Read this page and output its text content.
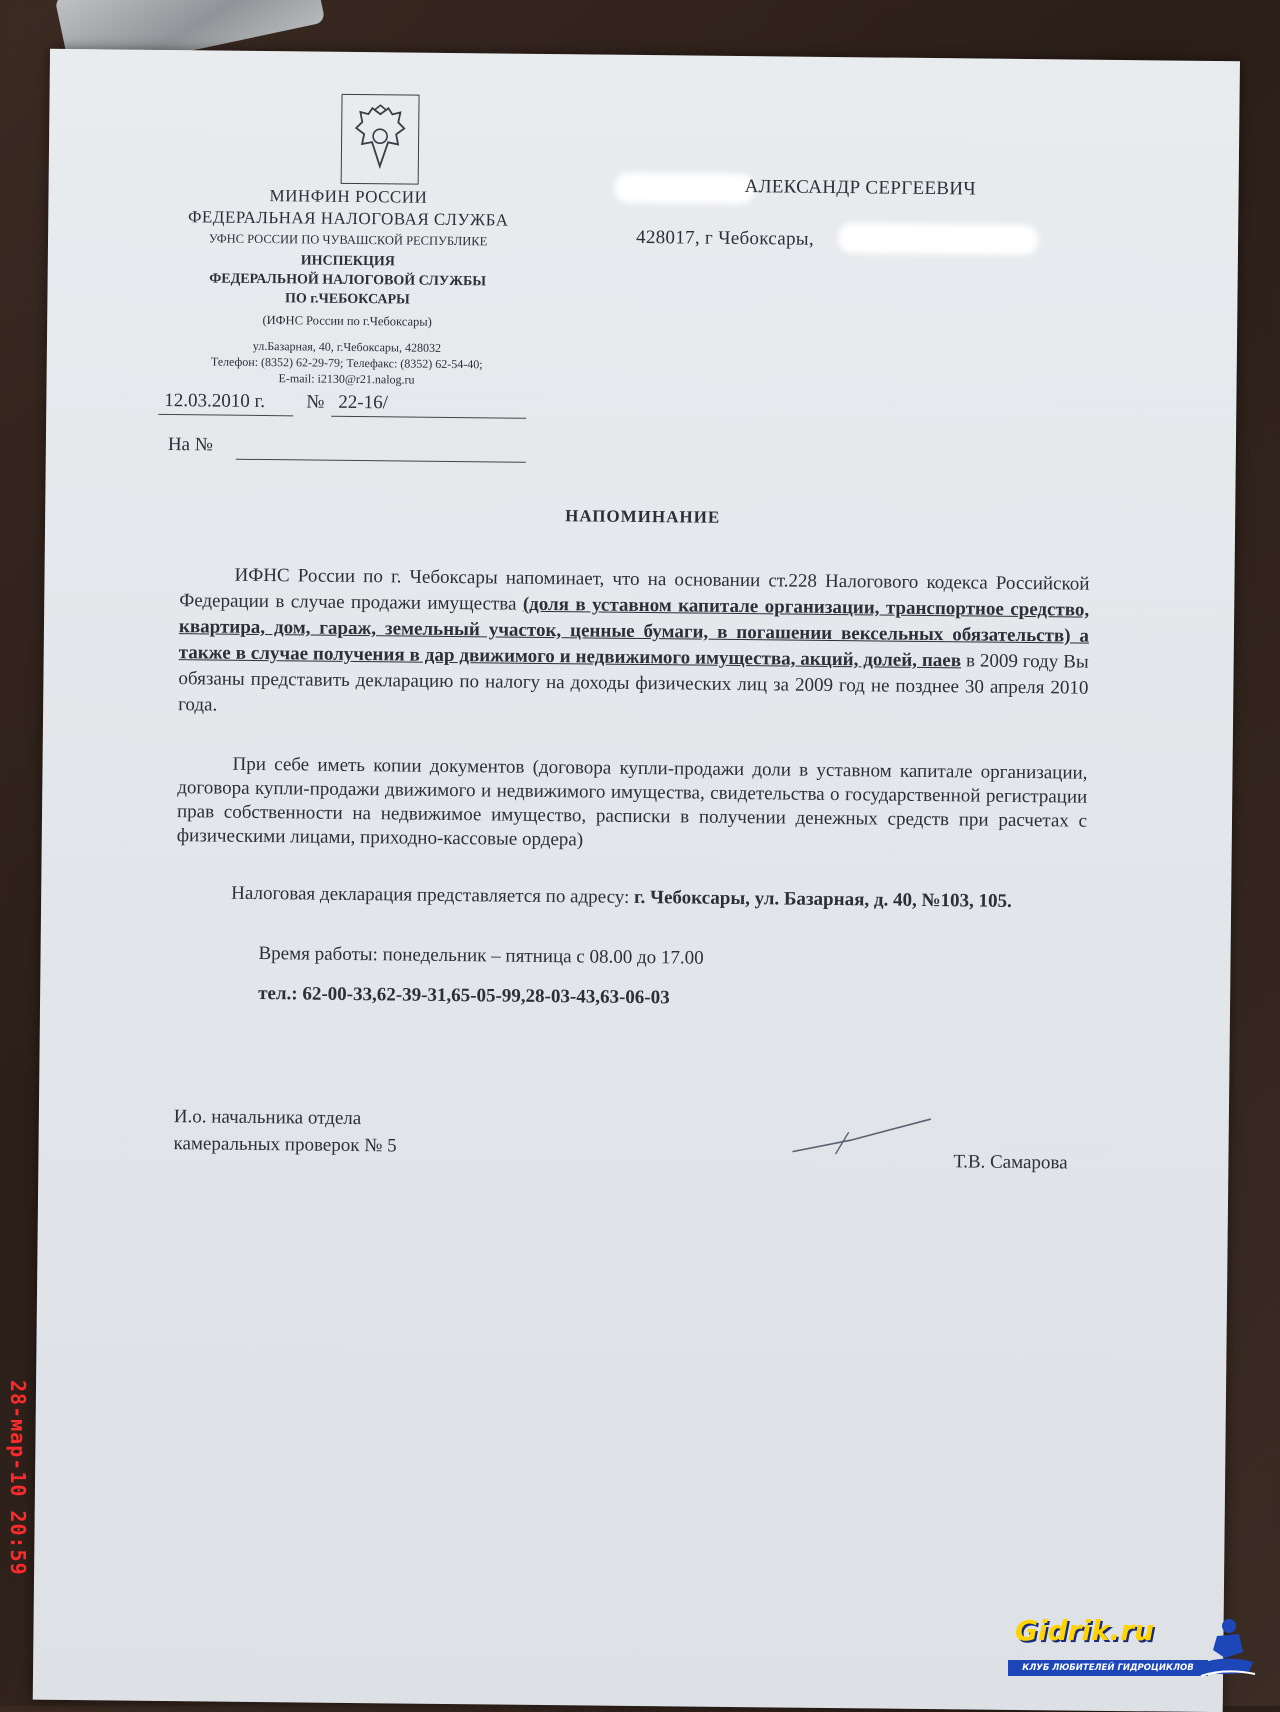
МИНФИН РОССИИ
ФЕДЕРАЛЬНАЯ НАЛОГОВАЯ СЛУЖБА
УФНС РОССИИ ПО ЧУВАШСКОЙ РЕСПУБЛИКЕ
ИНСПЕКЦИЯ
ФЕДЕРАЛЬНОЙ НАЛОГОВОЙ СЛУЖБЫ
ПО г.ЧЕБОКСАРЫ
(ИФНС России по г.Чебоксары)
ул.Базарная, 40, г.Чебоксары, 428032
Телефон: (8352) 62-29-79; Телефакс: (8352) 62-54-40;
E-mail: i2130@r21.nalog.ru
12.03.2010 г.	№ 22-16/
На №
АЛЕКСАНДР СЕРГЕЕВИЧ
428017, г Чебоксары,
НАПОМИНАНИЕ
ИФНС России по г. Чебоксары напоминает, что на основании ст.228 Налогового кодекса Российской Федерации в случае продажи имущества (доля в уставном капитале организации, транспортное средство, квартира, дом, гараж, земельный участок, ценные бумаги, в погашении вексельных обязательств) а также в случае получения в дар движимого и недвижимого имущества, акций, долей, паев в 2009 году Вы обязаны представить декларацию по налогу на доходы физических лиц за 2009 год не позднее 30 апреля 2010 года.
При себе иметь копии документов (договора купли-продажи доли в уставном капитале организации, договора купли-продажи движимого и недвижимого имущества, свидетельства о государственной регистрации прав собственности на недвижимое имущество, расписки в получении денежных средств при расчетах с физическими лицами, приходно-кассовые ордера)
Налоговая декларация представляется по адресу: г. Чебоксары, ул. Базарная, д. 40, №103, 105.
Время работы: понедельник – пятница с 08.00 до 17.00
тел.: 62-00-33,62-39-31,65-05-99,28-03-43,63-06-03
И.о. начальника отдела
камеральных проверок № 5
Т.В. Самарова
28-мар-10 20:59
Gidrik.ru
КЛУБ ЛЮБИТЕЛЕЙ ГИДРОЦИКЛОВ
